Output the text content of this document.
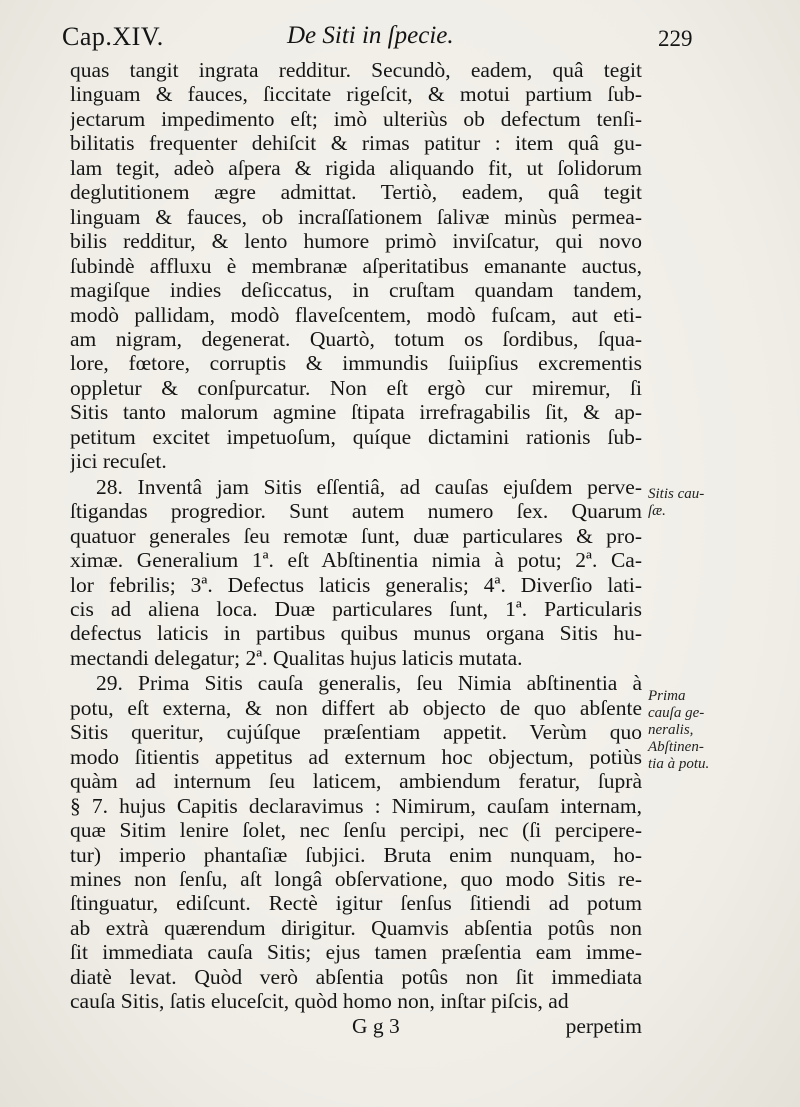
Cap.XIV.	De Siti in ſpecie.	229
quas tangit ingrata redditur. Secundò, eadem, quâ tegit
linguam & fauces, ſiccitate rigeſcit, & motui partium ſub-
jectarum impedimento eſt; imò ulteriùs ob defectum tenſi-
bilitatis frequenter dehiſcit & rimas patitur : item quâ gu-
lam tegit, adeò aſpera & rigida aliquando fit, ut ſolidorum
deglutitionem ægre admittat. Tertiò, eadem, quâ tegit
linguam & fauces, ob incraſſationem ſalivæ minùs permea-
bilis redditur, & lento humore primò inviſcatur, qui novo
ſubindè affluxu è membranæ aſperitatibus emanante auctus,
magiſque indies deſiccatus, in cruſtam quandam tandem,
modò pallidam, modò flaveſcentem, modò fuſcam, aut eti-
am nigram, degenerat. Quartò, totum os ſordibus, ſqua-
lore, fœtore, corruptis & immundis ſuiipſius excrementis
oppletur & conſpurcatur. Non eſt ergò cur miremur, ſi
Sitis tanto malorum agmine ſtipata irrefragabilis ſit, & ap-
petitum excitet impetuoſum, quíque dictamini rationis ſub-
jici recuſet.
28. Inventâ jam Sitis eſſentiâ, ad cauſas ejuſdem perve-
ſtigandas progredior. Sunt autem numero ſex. Quarum
quatuor generales ſeu remotæ ſunt, duæ particulares & pro-
ximæ. Generalium 1ª. eſt Abſtinentia nimia à potu; 2ª. Ca-
lor febrilis; 3ª. Defectus laticis generalis; 4ª. Diverſio lati-
cis ad aliena loca. Duæ particulares ſunt, 1ª. Particularis
defectus laticis in partibus quibus munus organa Sitis hu-
mectandi delegatur; 2ª. Qualitas hujus laticis mutata.
29. Prima Sitis cauſa generalis, ſeu Nimia abſtinentia à
potu, eſt externa, & non differt ab objecto de quo abſente
Sitis queritur, cujúſque præſentiam appetit. Verùm quo
modo ſitientis appetitus ad externum hoc objectum, potiùs
quàm ad internum ſeu laticem, ambiendum feratur, ſuprà
§ 7. hujus Capitis declaravimus : Nimirum, cauſam internam,
quæ Sitim lenire ſolet, nec ſenſu percipi, nec (ſi percipere-
tur) imperio phantaſiæ ſubjici. Bruta enim nunquam, ho-
mines non ſenſu, aſt longâ obſervatione, quo modo Sitis re-
ſtinguatur, ediſcunt. Rectè igitur ſenſus ſitiendi ad potum
ab extrà quærendum dirigitur. Quamvis abſentia potûs non
ſit immediata cauſa Sitis; ejus tamen præſentia eam imme-
diatè levat. Quòd verò abſentia potûs non ſit immediata
cauſa Sitis, ſatis eluceſcit, quòd homo non, inſtar piſcis, ad
G g 3	perpetim
Sitis cau-
ſæ.
Prima
cauſa ge-
neralis,
Abſtinen-
tia à potu.
